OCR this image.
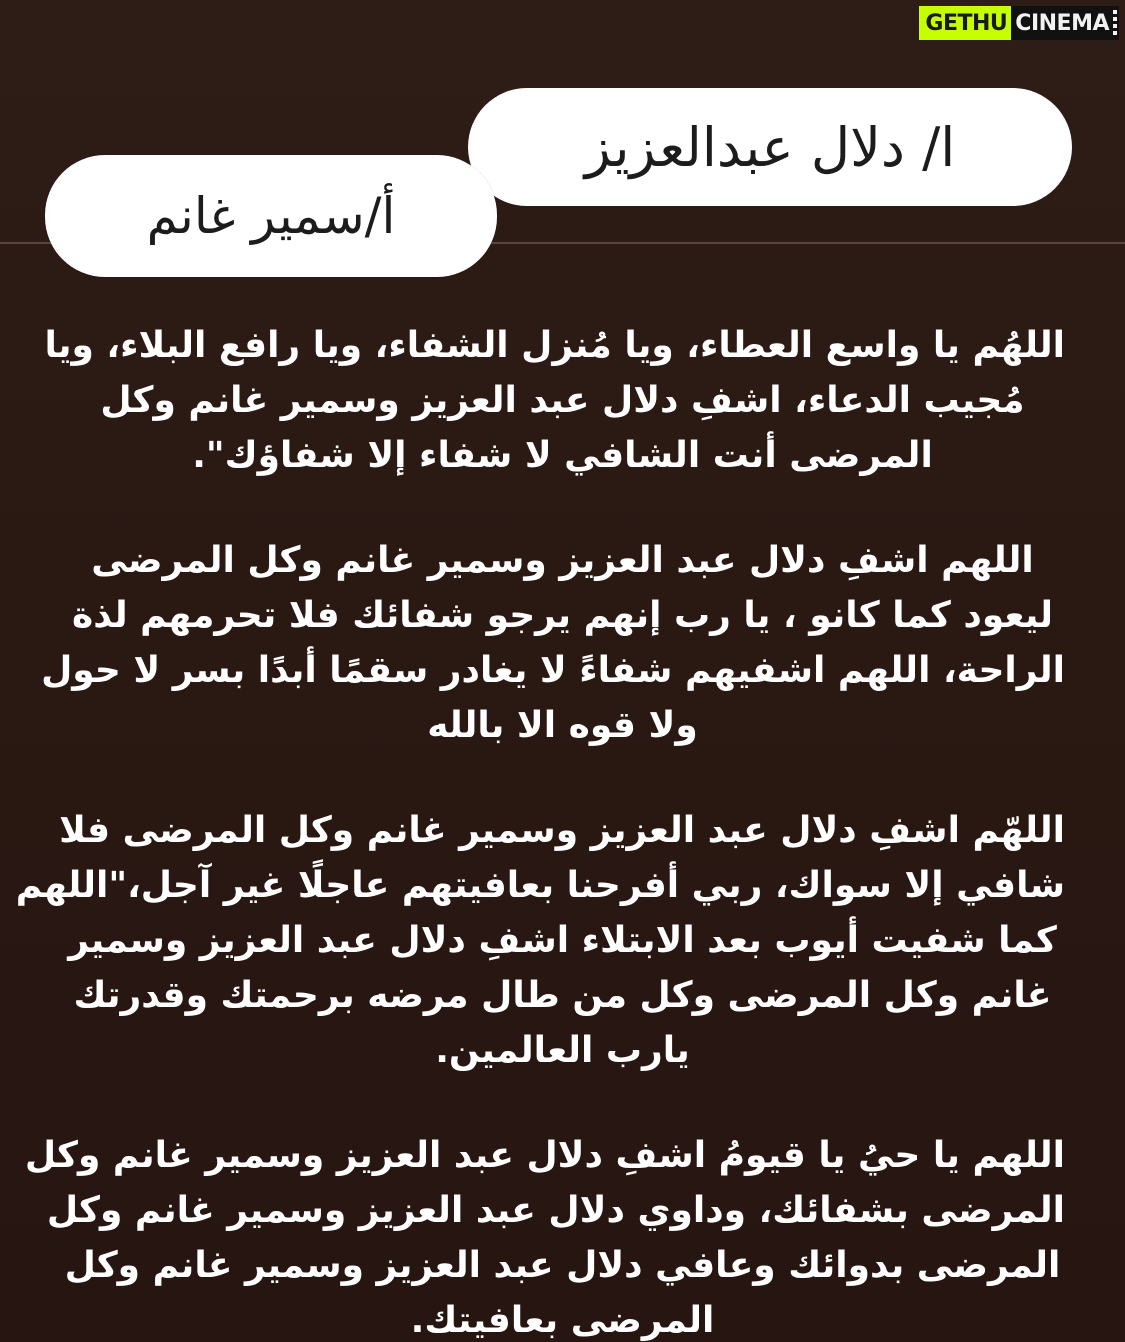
GETHU CINEMA
ا/ دلال عبدالعزيز
أ/سمير غانم
اللهُم يا واسع العطاء، ويا مُنزل الشفاء، ويا رافع البلاء، ويا
مُجيب الدعاء، اشفِ دلال عبد العزيز وسمير غانم وكل
المرضى أنت الشافي لا شفاء إلا شفاؤك".
اللهم اشفِ دلال عبد العزيز وسمير غانم وكل المرضى
ليعود كما كانو ، يا رب إنهم يرجو شفائك فلا تحرمهم لذة
الراحة، اللهم اشفيهم شفاءً لا يغادر سقمًا أبدًا بسر لا حول
ولا قوه الا بالله
اللهّم اشفِ دلال عبد العزيز وسمير غانم وكل المرضى فلا
شافي إلا سواك، ربي أفرحنا بعافيتهم عاجلًا غير آجل،"اللهم
كما شفيت أيوب بعد الابتلاء اشفِ دلال عبد العزيز وسمير
غانم وكل المرضى وكل من طال مرضه برحمتك وقدرتك
يارب العالمين.
اللهم يا حيُ يا قيومُ اشفِ دلال عبد العزيز وسمير غانم وكل
المرضى بشفائك، وداوي دلال عبد العزيز وسمير غانم وكل
المرضى بدوائك وعافي دلال عبد العزيز وسمير غانم وكل
المرضى بعافيتك.
